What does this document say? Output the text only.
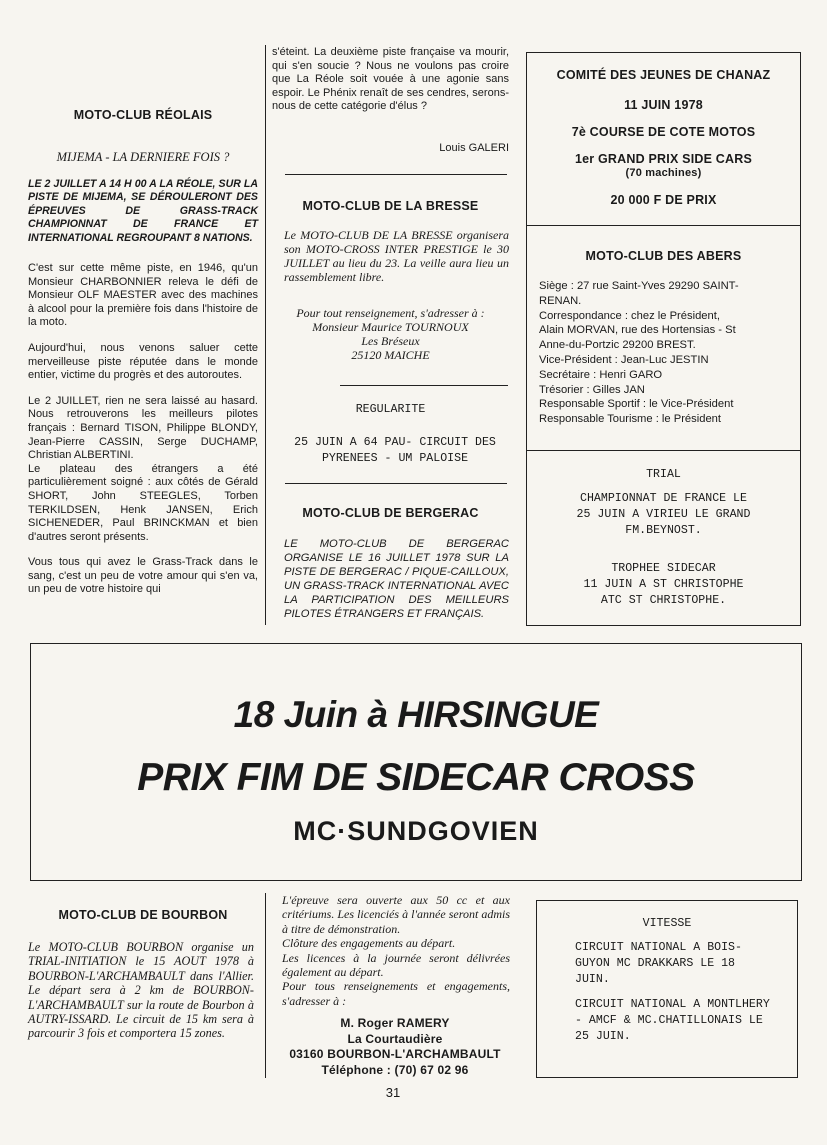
MOTO-CLUB RÉOLAIS
MIJEMA - LA DERNIERE FOIS ?
LE 2 JUILLET A 14 H 00 A LA RÉOLE, SUR LA PISTE DE MIJEMA, SE DÉROULERONT DES ÉPREUVES DE GRASS-TRACK CHAMPIONNAT DE FRANCE ET INTERNATIONAL REGROUPANT 8 NATIONS.

C'est sur cette même piste, en 1946, qu'un Monsieur CHARBONNIER releva le défi de Monsieur OLF MAESTER avec des machines à alcool pour la première fois dans l'histoire de la moto.

Aujourd'hui, nous venons saluer cette merveilleuse piste réputée dans le monde entier, victime du progrès et des autoroutes.

Le 2 JUILLET, rien ne sera laissé au hasard. Nous retrouverons les meilleurs pilotes français : Bernard TISON, Philippe BLONDY, Jean-Pierre CASSIN, Serge DUCHAMP, Christian ALBERTINI.

Le plateau des étrangers a été particulièrement soigné : aux côtés de Gérald SHORT, John STEEGLES, Torben TERKILDSEN, Henk JANSEN, Erich SICHENEDER, Paul BRINCKMAN et bien d'autres seront présents.

Vous tous qui avez le Grass-Track dans le sang, c'est un peu de votre amour qui s'en va, un peu de votre histoire qui

s'éteint. La deuxième piste française va mourir, qui s'en soucie ? Nous ne voulons pas croire que La Réole soit vouée à une agonie sans espoir. Le Phénix renaît de ses cendres, serons-nous de cette catégorie d'élus ?
Louis GALERI
MOTO-CLUB DE LA BRESSE
Le MOTO-CLUB DE LA BRESSE organisera son MOTO-CROSS INTER PRESTIGE le 30 JUILLET au lieu du 23. La veille aura lieu un rassemblement libre.
Pour tout renseignement, s'adresser à :
Monsieur Maurice TOURNOUX
Les Bréseux
25120 MAICHE
REGULARITE
25 JUIN A 64 PAU- CIRCUIT DES PYRENEES - UM PALOISE
MOTO-CLUB DE BERGERAC
LE MOTO-CLUB DE BERGERAC ORGANISE LE 16 JUILLET 1978 SUR LA PISTE DE BERGERAC / PIQUE-CAILLOUX, UN GRASS-TRACK INTERNATIONAL AVEC LA PARTICIPATION DES MEILLEURS PILOTES ÉTRANGERS ET FRANÇAIS.
COMITÉ DES JEUNES DE CHANAZ
11 JUIN 1978
7è COURSE DE COTE MOTOS
1er GRAND PRIX SIDE CARS
(70 machines)
20 000 F DE PRIX
MOTO-CLUB DES ABERS
Siège : 27 rue Saint-Yves 29290 SAINT-
RENAN.
Correspondance : chez le Président,
Alain MORVAN, rue des Hortensias - St
Anne-du-Portzic 29200 BREST.
Vice-Président : Jean-Luc JESTIN
Secrétaire : Henri GARO
Trésorier : Gilles JAN
Responsable Sportif : le Vice-Président
Responsable Tourisme : le Président
TRIAL
CHAMPIONNAT DE FRANCE LE
25 JUIN A VIRIEU LE GRAND
FM.BEYNOST.
TROPHEE SIDECAR
11 JUIN A ST CHRISTOPHE
ATC ST CHRISTOPHE.
18 Juin à HIRSINGUE
PRIX FIM DE SIDECAR CROSS
MC·SUNDGOVIEN
MOTO-CLUB DE BOURBON
Le MOTO-CLUB BOURBON organise un TRIAL-INITIATION le 15 AOUT 1978 à BOURBON-L'ARCHAMBAULT dans l'Allier. Le départ sera à 2 km de BOURBON-L'ARCHAMBAULT sur la route de Bourbon à AUTRY-ISSARD. Le circuit de 15 km sera à parcourir 3 fois et comportera 15 zones.
L'épreuve sera ouverte aux 50 cc et aux critériums. Les licenciés à l'année seront admis à titre de démonstration.
Clôture des engagements au départ.
Les licences à la journée seront délivrées également au départ.
Pour tous renseignements et engagements, s'adresser à :
M. Roger RAMERY
La Courtaudière
03160 BOURBON-L'ARCHAMBAULT
Téléphone : (70) 67 02 96
VITESSE
CIRCUIT NATIONAL A BOIS-GUYON MC DRAKKARS LE 18 JUIN.
CIRCUIT NATIONAL A MONTLHERY - AMCF & MC.CHATILLONAIS LE 25 JUIN.
31
